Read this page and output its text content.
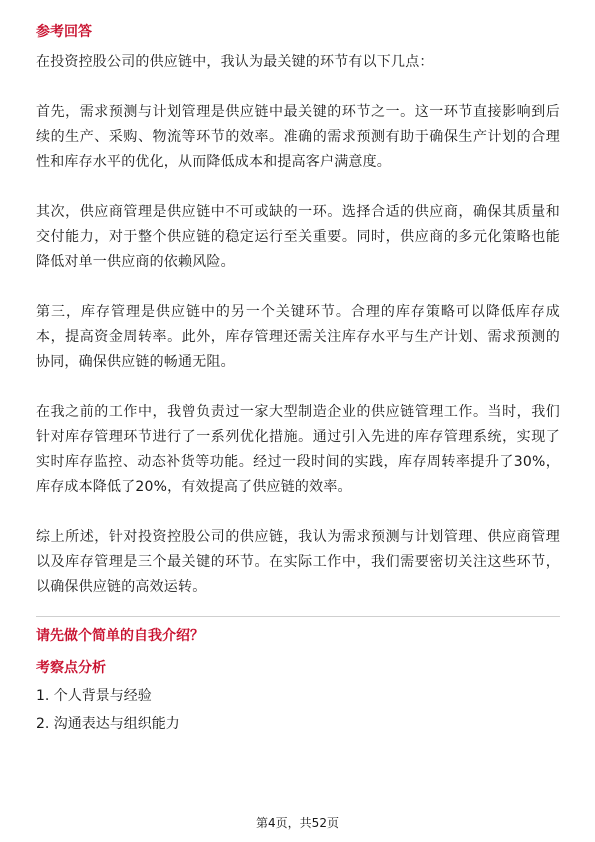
参考回答

在投资控股公司的供应链中，我认为最关键的环节有以下几点：

首先，需求预测与计划管理是供应链中最关键的环节之一。这一环节直接影响到后续的生产、采购、物流等环节的效率。准确的需求预测有助于确保生产计划的合理性和库存水平的优化，从而降低成本和提高客户满意度。

其次，供应商管理是供应链中不可或缺的一环。选择合适的供应商，确保其质量和交付能力，对于整个供应链的稳定运行至关重要。同时，供应商的多元化策略也能降低对单一供应商的依赖风险。

第三，库存管理是供应链中的另一个关键环节。合理的库存策略可以降低库存成本，提高资金周转率。此外，库存管理还需关注库存水平与生产计划、需求预测的协同，确保供应链的畅通无阻。

在我之前的工作中，我曾负责过一家大型制造企业的供应链管理工作。当时，我们针对库存管理环节进行了一系列优化措施。通过引入先进的库存管理系统，实现了实时库存监控、动态补货等功能。经过一段时间的实践，库存周转率提升了30%，库存成本降低了20%，有效提高了供应链的效率。

综上所述，针对投资控股公司的供应链，我认为需求预测与计划管理、供应商管理以及库存管理是三个最关键的环节。在实际工作中，我们需要密切关注这些环节，以确保供应链的高效运转。

请先做个简单的自我介绍？
考察点分析
1. 个人背景与经验
2. 沟通表达与组织能力
第4页，共52页
